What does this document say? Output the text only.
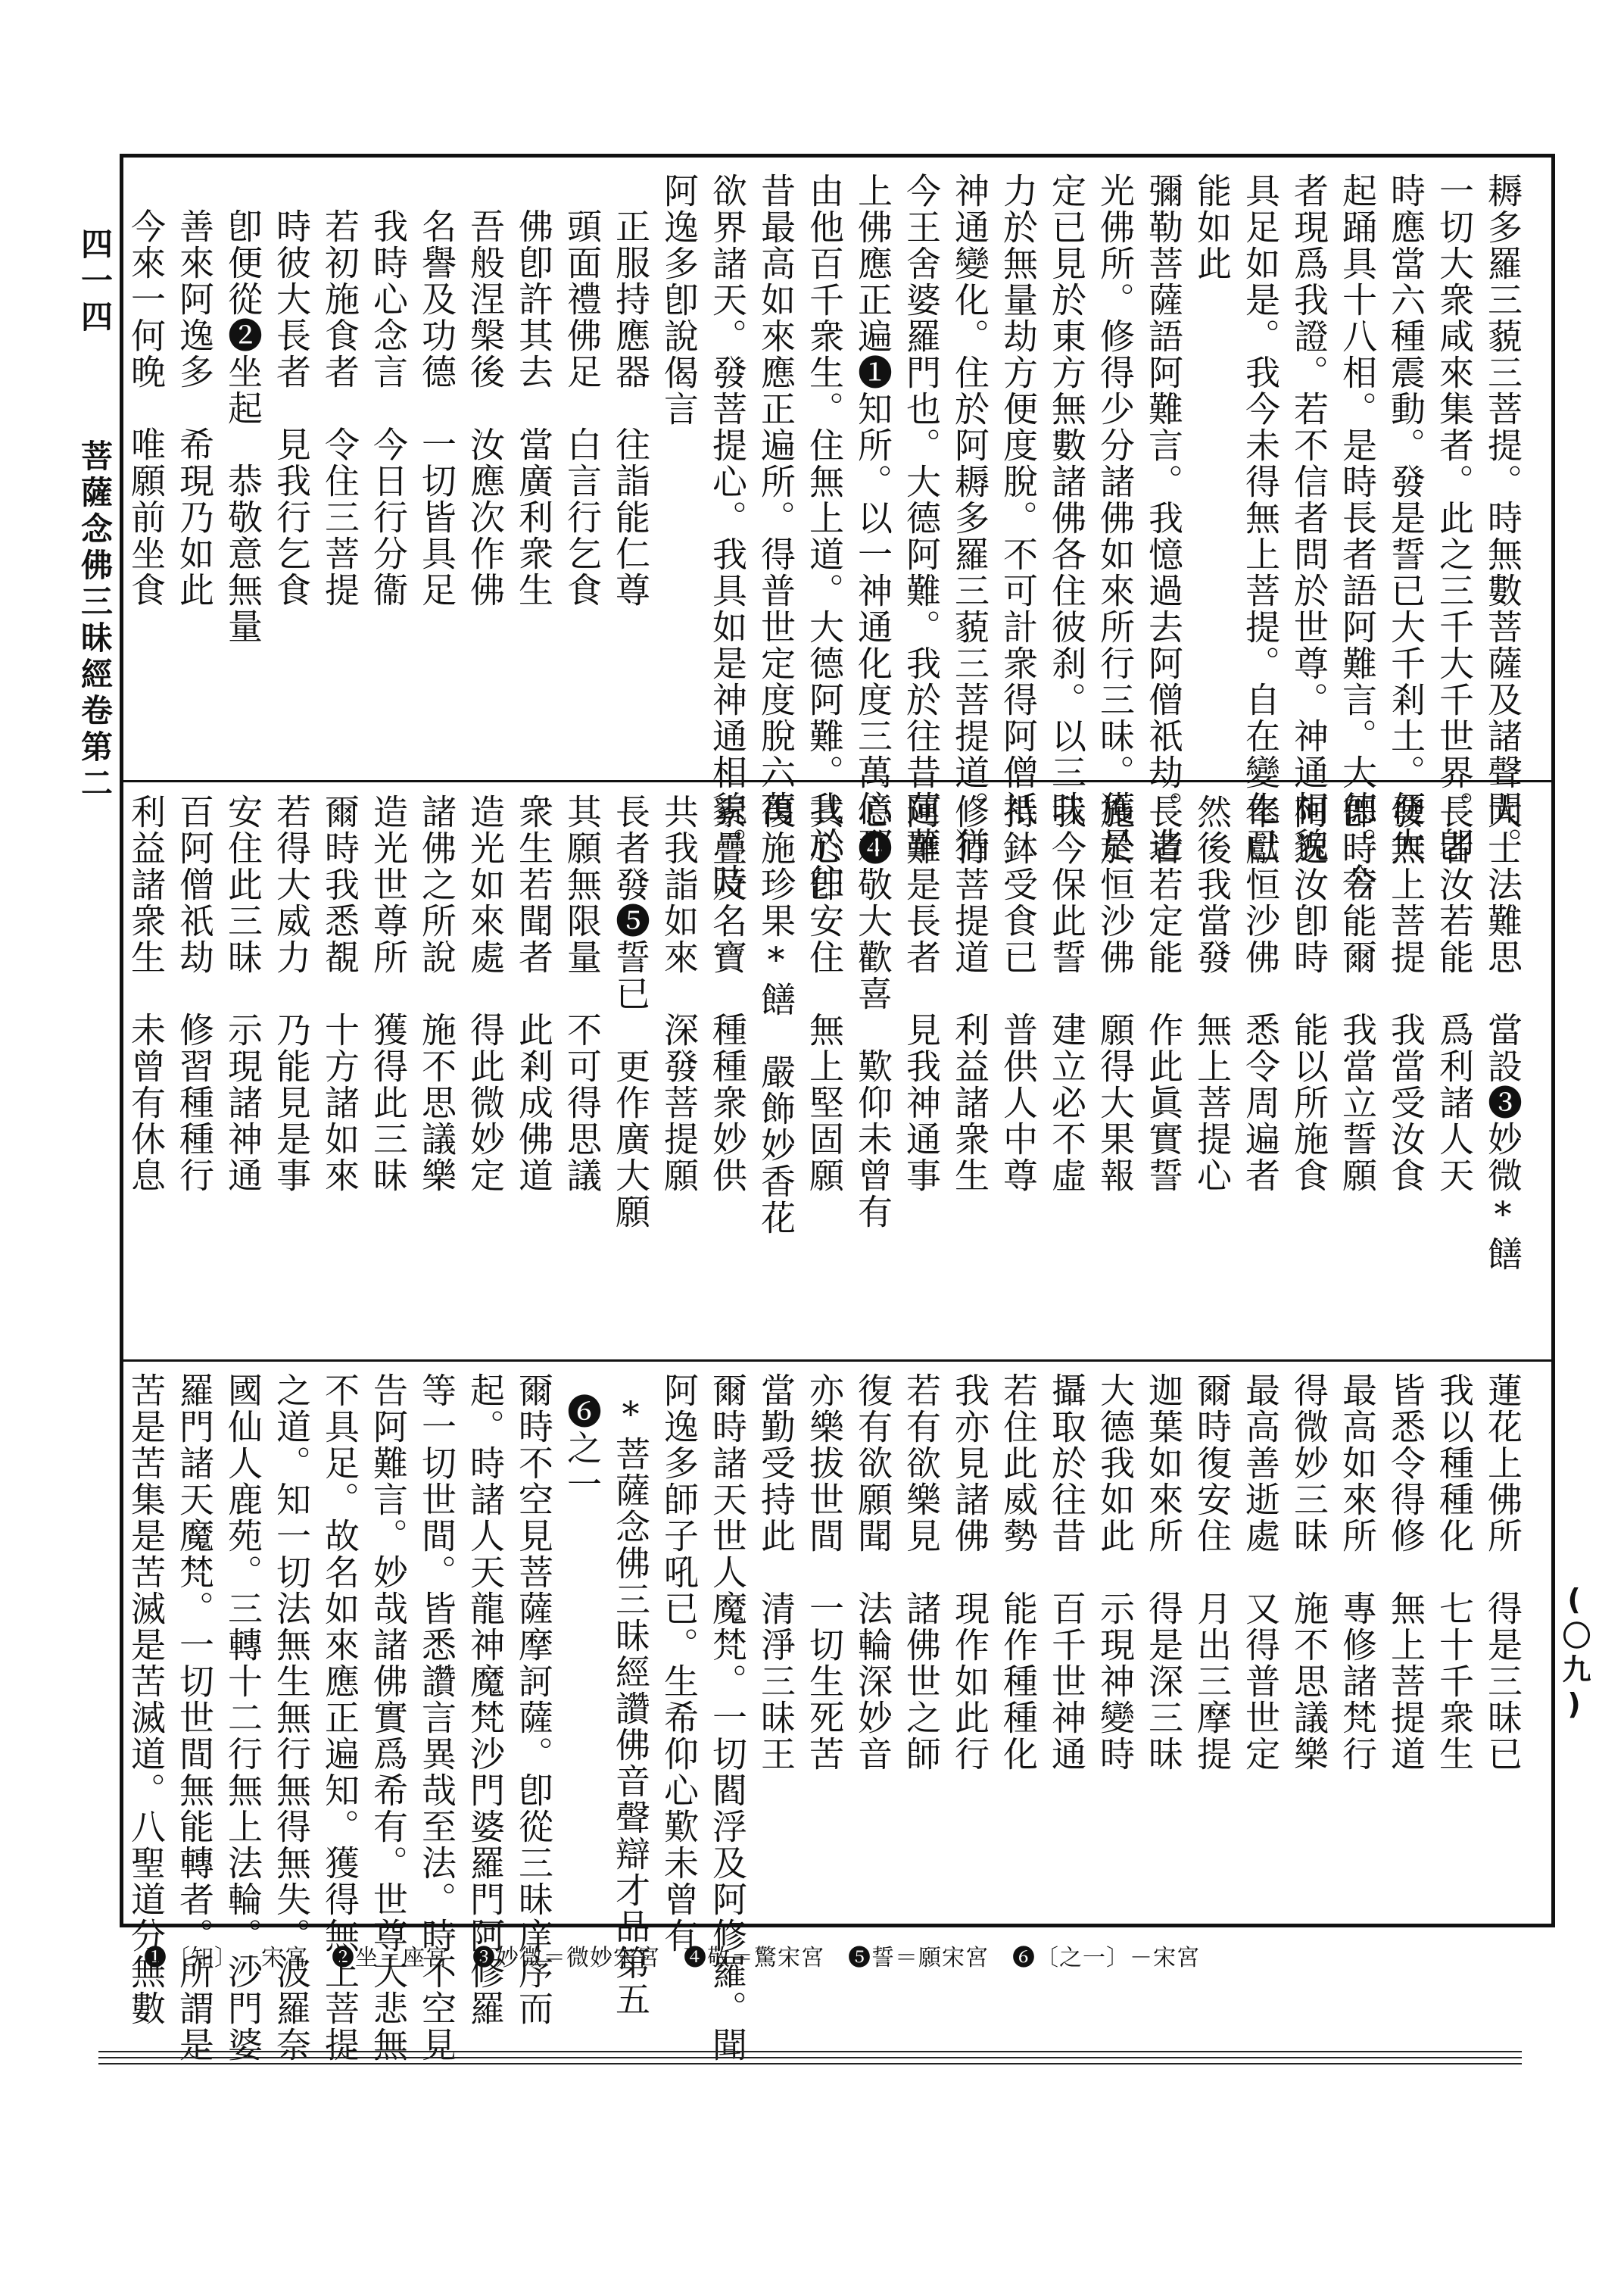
四一四
菩薩念佛三昧經卷第二
(〇九)
耨多羅三藐三菩提。時無數菩薩及諸聲聞。
一切大衆咸來集者。此之三千大千世界。卽
時應當六種震動。發是誓已大千剎土。便大
起踊具十八相。是時長者語阿難言。大德。今
者現爲我證。若不信者問於世尊。神通相貌
具足如是。我今未得無上菩提。自在變化已
能如此
彌勒菩薩語阿難言。我憶過去阿僧祇劫。造
光佛所。修得少分諸佛如來所行三昧。獲是
定已見於東方無數諸佛各住彼刹。以三昧
力於無量劫方便度脫。不可計衆得阿僧祇
神通變化。住於阿耨多羅三藐三菩提道。猶
今王舍婆羅門也。大德阿難。我於往昔蓮華
上佛應正遍❶知所。以一神通化度三萬億那
由他百千衆生。住無上道。大德阿難。我於往
昔最高如來應正遍所。得普世定度脫六萬
欲界諸天。發菩提心。我具如是神通相貌。時
阿逸多卽說偈言
正服持應器　往詣能仁尊
頭面禮佛足　白言行乞食
佛卽許其去　當廣利衆生
吾般涅槃後　汝應次作佛
名譽及功德　一切皆具足
我時心念言　今日行分衞
若初施食者　令住三菩提
時彼大長者　見我行乞食
卽便從❷坐起　恭敬意無量
善來阿逸多　希現乃如此
今來一何晚　唯願前坐食
大士法難思　當設❸妙微*饍
長者汝若能　爲利諸人天
發無上菩提　我當受汝食
卽時若能爾　我當立誓願
阿逸汝卽時　能以所施食
奉獻恒沙佛　悉令周遍者
然後我當發　無上菩提心
長者若定能　作此眞實誓
施於恒沙佛　願得大果報
我今保此誓　建立必不虛
持鉢受食已　普供人中尊
修行菩提道　利益諸衆生
阿難是長者　見我神通事
心❹敬大歡喜　歎仰未曾有
其心卽安住　無上堅固願
復施珍果*饍　嚴飾妙香花
素疊及名寶　種種衆妙供
共我詣如來　深發菩提願
長者發❺誓已　更作廣大願
其願無限量　不可得思議
衆生若聞者　此剎成佛道
造光如來處　得此微妙定
諸佛之所說　施不思議樂
造光世尊所　獲得此三昧
爾時我悉覩　十方諸如來
若得大威力　乃能見是事
安住此三昧　示現諸神通
百阿僧祇劫　修習種種行
利益諸衆生　未曾有休息
蓮花上佛所　得是三昧已
我以種種化　七十千衆生
皆悉令得修　無上菩提道
最高如來所　專修諸梵行
得微妙三昧　施不思議樂
最高善逝處　又得普世定
爾時復安住　月出三摩提
迦葉如來所　得是深三昧
大德我如此　示現神變時
攝取於往昔　百千世神通
若住此威勢　能作種種化
我亦見諸佛　現作如此行
若有欲樂見　諸佛世之師
復有欲願聞　法輪深妙音
亦樂拔世間　一切生死苦
當勤受持此　清淨三昧王
爾時諸天世人魔梵。一切閻浮及阿修羅。聞
阿逸多師子吼已。生希仰心歎未曾有
*菩薩念佛三昧經讚佛音聲辯才品第五
❻之一
爾時不空見菩薩摩訶薩。卽從三昧庠序而
起。時諸人天龍神魔梵沙門婆羅門阿修羅
等一切世間。皆悉讚言異哉至法。時不空見
告阿難言。妙哉諸佛實爲希有。世尊大悲無
不具足。故名如來應正遍知。獲得無上菩提
之道。知一切法無生無行無得無失。波羅奈
國仙人鹿苑。三轉十二行無上法輪。沙門婆
羅門諸天魔梵。一切世間無能轉者。所謂是
苦是苦集是苦滅是苦滅道。八聖道分無數
❶〔知〕－宋宮　❷坐＝座宮　❸妙微＝微妙宋宮　❹敬＝驚宋宮　❺誓＝願宋宮　❻〔之一〕－宋宮
